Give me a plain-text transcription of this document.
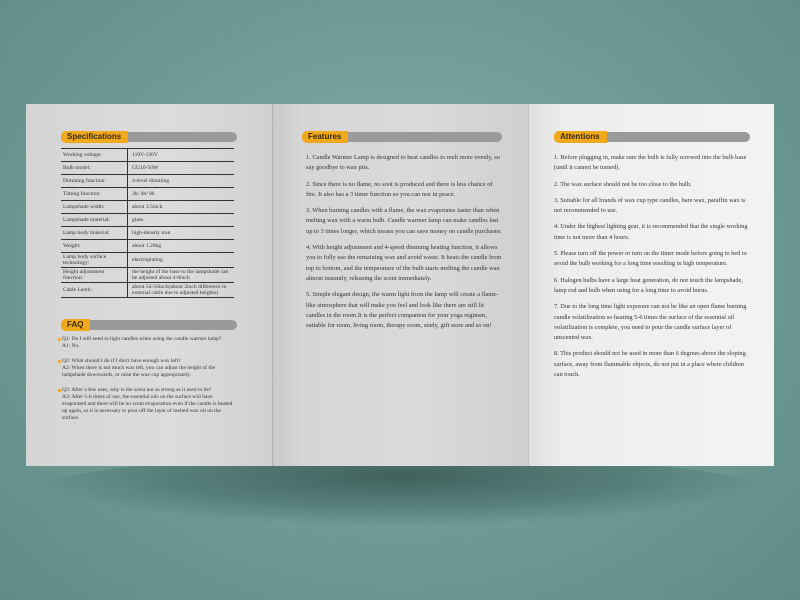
Specifications
Working voltage:	110V-120V
Bulb model:	GU10-50W
Dimming function:	4-level dimming
Timing function:	2h/ 4h/ 8h
Lampshade width:	about 3.5inch
Lampshade material:	glass
Lamp body material:	high-density iron
Weight:	about 1.28kg
Lamp body surface technology:	electroplating
Height adjustment function:	the height of the base to the lampshade can be adjusted about 4-8inch
Cable Lenth :	about 54-56inch(about 2inch difference in external cable due to adjusted heights)
FAQ
Q1: Do I still need to light candles when using the candle warmer lamp?
A1: No.
Q2: What should I do if I don't have enough wax left?
A2: When there is not much wax left, you can adjust the height of the lampshade downwards, or raise the wax cup appropriately.
Q3: After a few uses, why is the scent not as strong as it used to be?
A3: After 5-6 times of use, the essential oils on the surface will have evaporated and there will be no scent evaporation even if the candle is heated up again, so it is necessary to pour off the layer of melted wax oil on the surface.
Features

1. Candle Warmer Lamp is designed to heat candles to melt more evenly, so say goodbye to wax pits.

2. Since there is no flame, no soot is produced and there is less chance of fire. It also has a 3 timer function so you can rest in peace.

3. When burning candles with a flame, the wax evaporates faster than when melting wax with a warm bulb. Candle warmer lamp can make candles last up to 3 times longer, which means you can save money on candle purchases.

4. With height adjustment and 4-speed dimming heating function, it allows you to fully use the remaining wax and avoid waste. It heats the candle from top to bottom, and the temperature of the bulb starts melting the candle wax almost instantly, releasing the scent immediately.

5. Simple elegant design, the warm light from the lamp will create a flame-like atmosphere that will make you feel and look like there are still lit candles in the room.It is the perfect companion for your yoga regimen, suitable for room, living room, therapy room, study, gift store and so on!

Attentions

1. Before plugging in, make sure the bulb is fully screwed into the bulb base (until it cannot be turned).

2. The wax surface should not be too close to the bulb.

3. Suitable for all brands of wax cup type candles, bare wax, paraffin wax is not recommended to use.

4. Under the highest lighting gear, it is recommended that the single working time is not more than 4 hours.

5. Please turn off the power or turn on the timer mode before going to bed to avoid the bulb working for a long time resulting in high temperature.

6. Halogen bulbs have a large heat generation, do not touch the lampshade, lamp rod and bulb when using for a long time to avoid burns.

7. Due to the long time light exposure can not be like an open flame burning candle volatilization so heating 5-6 times the surface of the essential oil volatilization is complete, you need to pour the candle surface layer of unscented wax.

8. This product should not be used in more than 6 degrees above the sloping surface, away from flammable objects, do not put in a place where children can touch.
